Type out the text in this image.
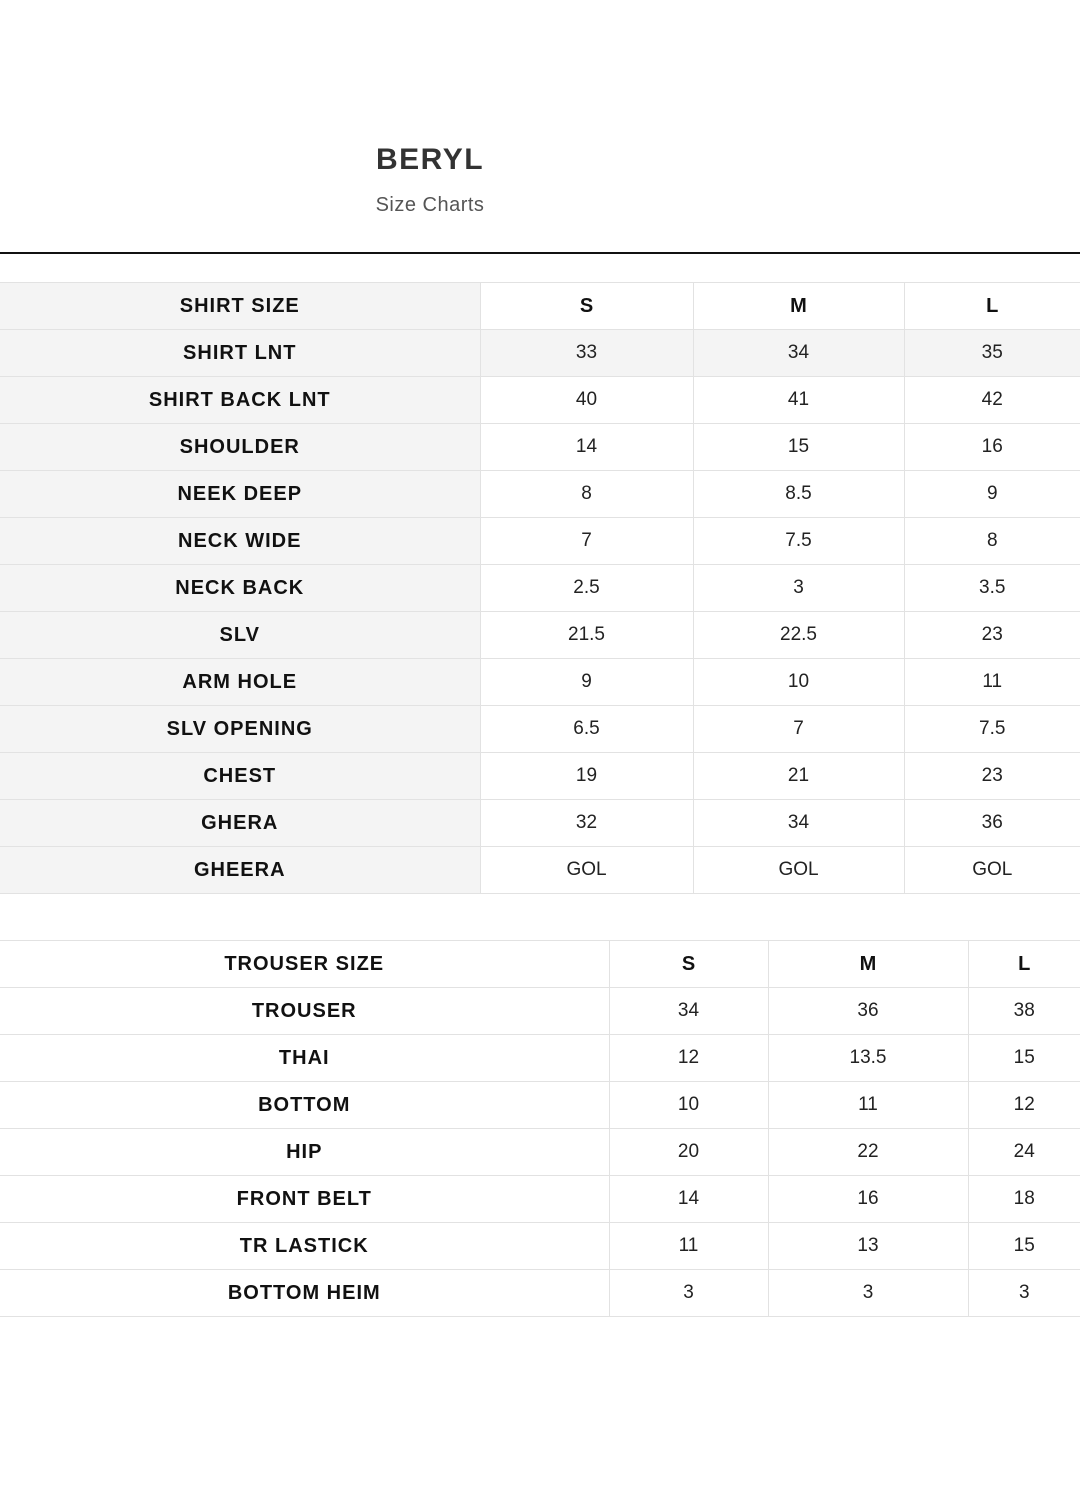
BERYL
Size Charts
SHIRT SIZE	S	M	L
SHIRT LNT	33	34	35
SHIRT BACK LNT	40	41	42
SHOULDER	14	15	16
NEEK DEEP	8	8.5	9
NECK WIDE	7	7.5	8
NECK BACK	2.5	3	3.5
SLV	21.5	22.5	23
ARM HOLE	9	10	11
SLV OPENING	6.5	7	7.5
CHEST	19	21	23
GHERA	32	34	36
GHEERA	GOL	GOL	GOL
TROUSER SIZE	S	M	L
TROUSER	34	36	38
THAI	12	13.5	15
BOTTOM	10	11	12
HIP	20	22	24
FRONT BELT	14	16	18
TR LASTICK	11	13	15
BOTTOM HEIM	3	3	3
